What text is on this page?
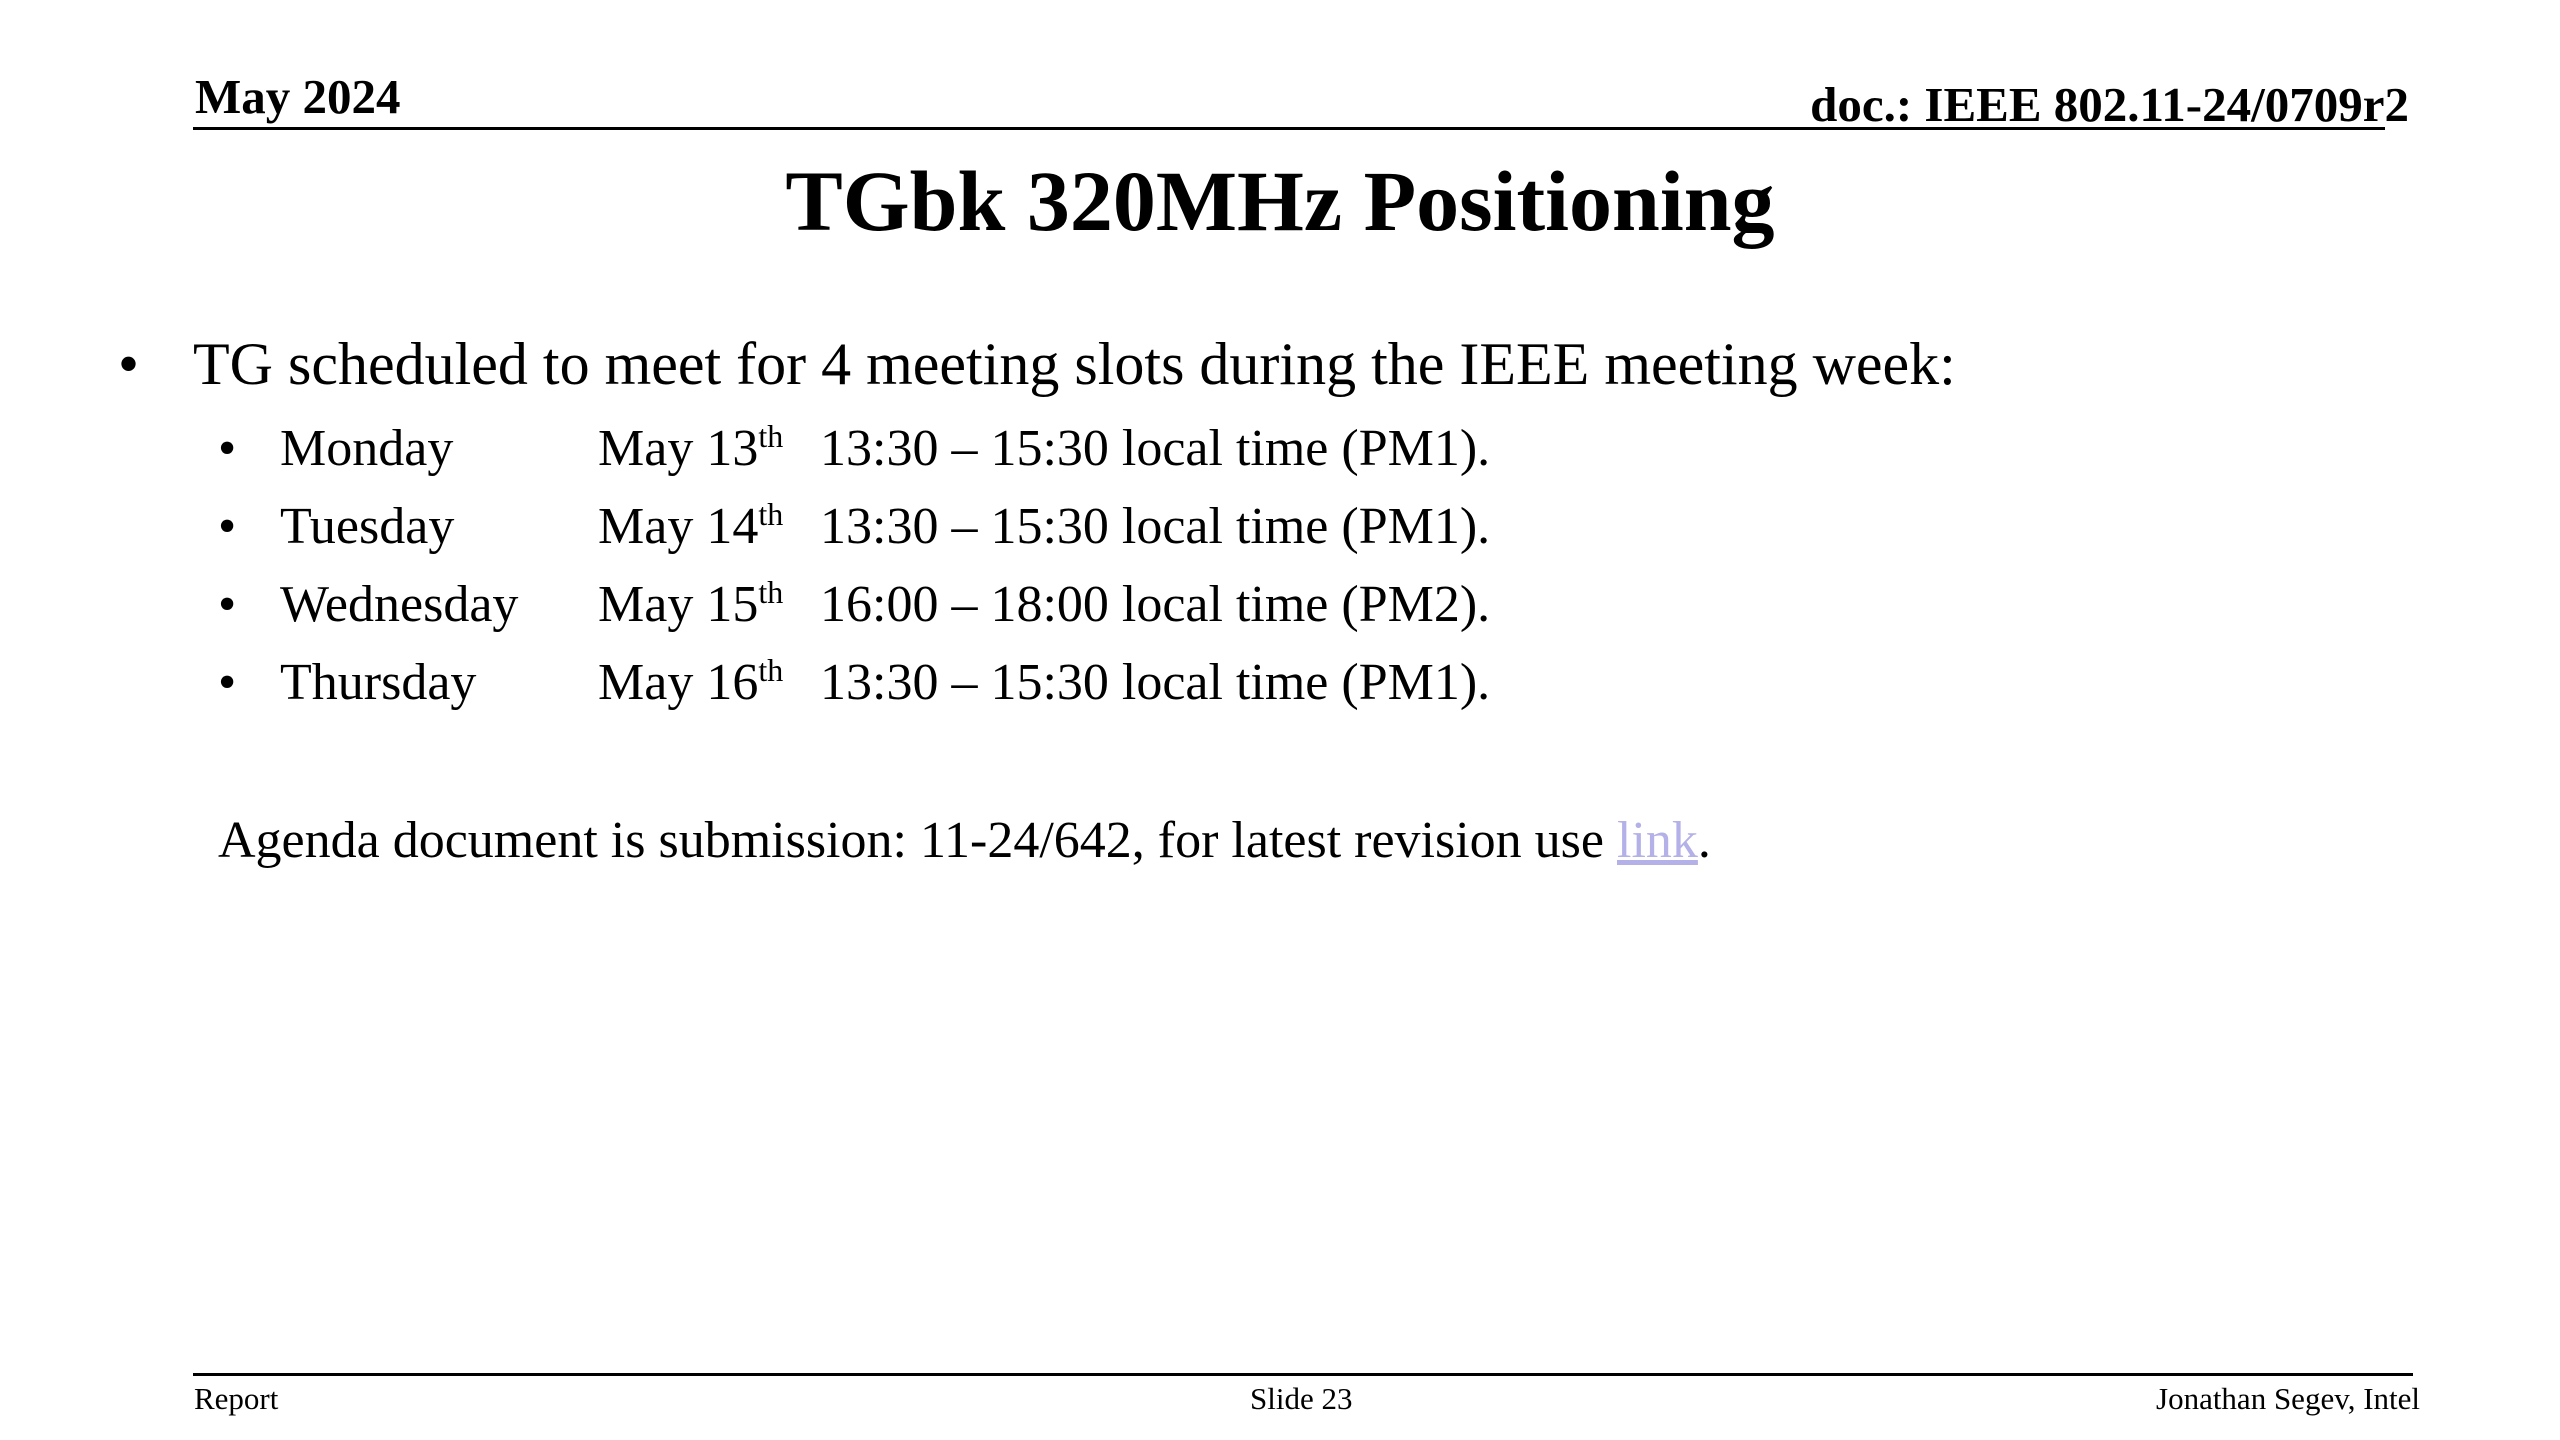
May 2024	doc.: IEEE 802.11-24/0709r2
TGbk 320MHz Positioning
• TG scheduled to meet for 4 meeting slots during the IEEE meeting week:
• Monday	May 13th 13:30 – 15:30 local time (PM1).
• Tuesday	May 14th 13:30 – 15:30 local time (PM1).
• Wednesday May 15th 16:00 – 18:00 local time (PM2).
• Thursday May 16th 13:30 – 15:30 local time (PM1).
Agenda document is submission: 11-24/642, for latest revision use link.
Report	Slide 23	Jonathan Segev, Intel
